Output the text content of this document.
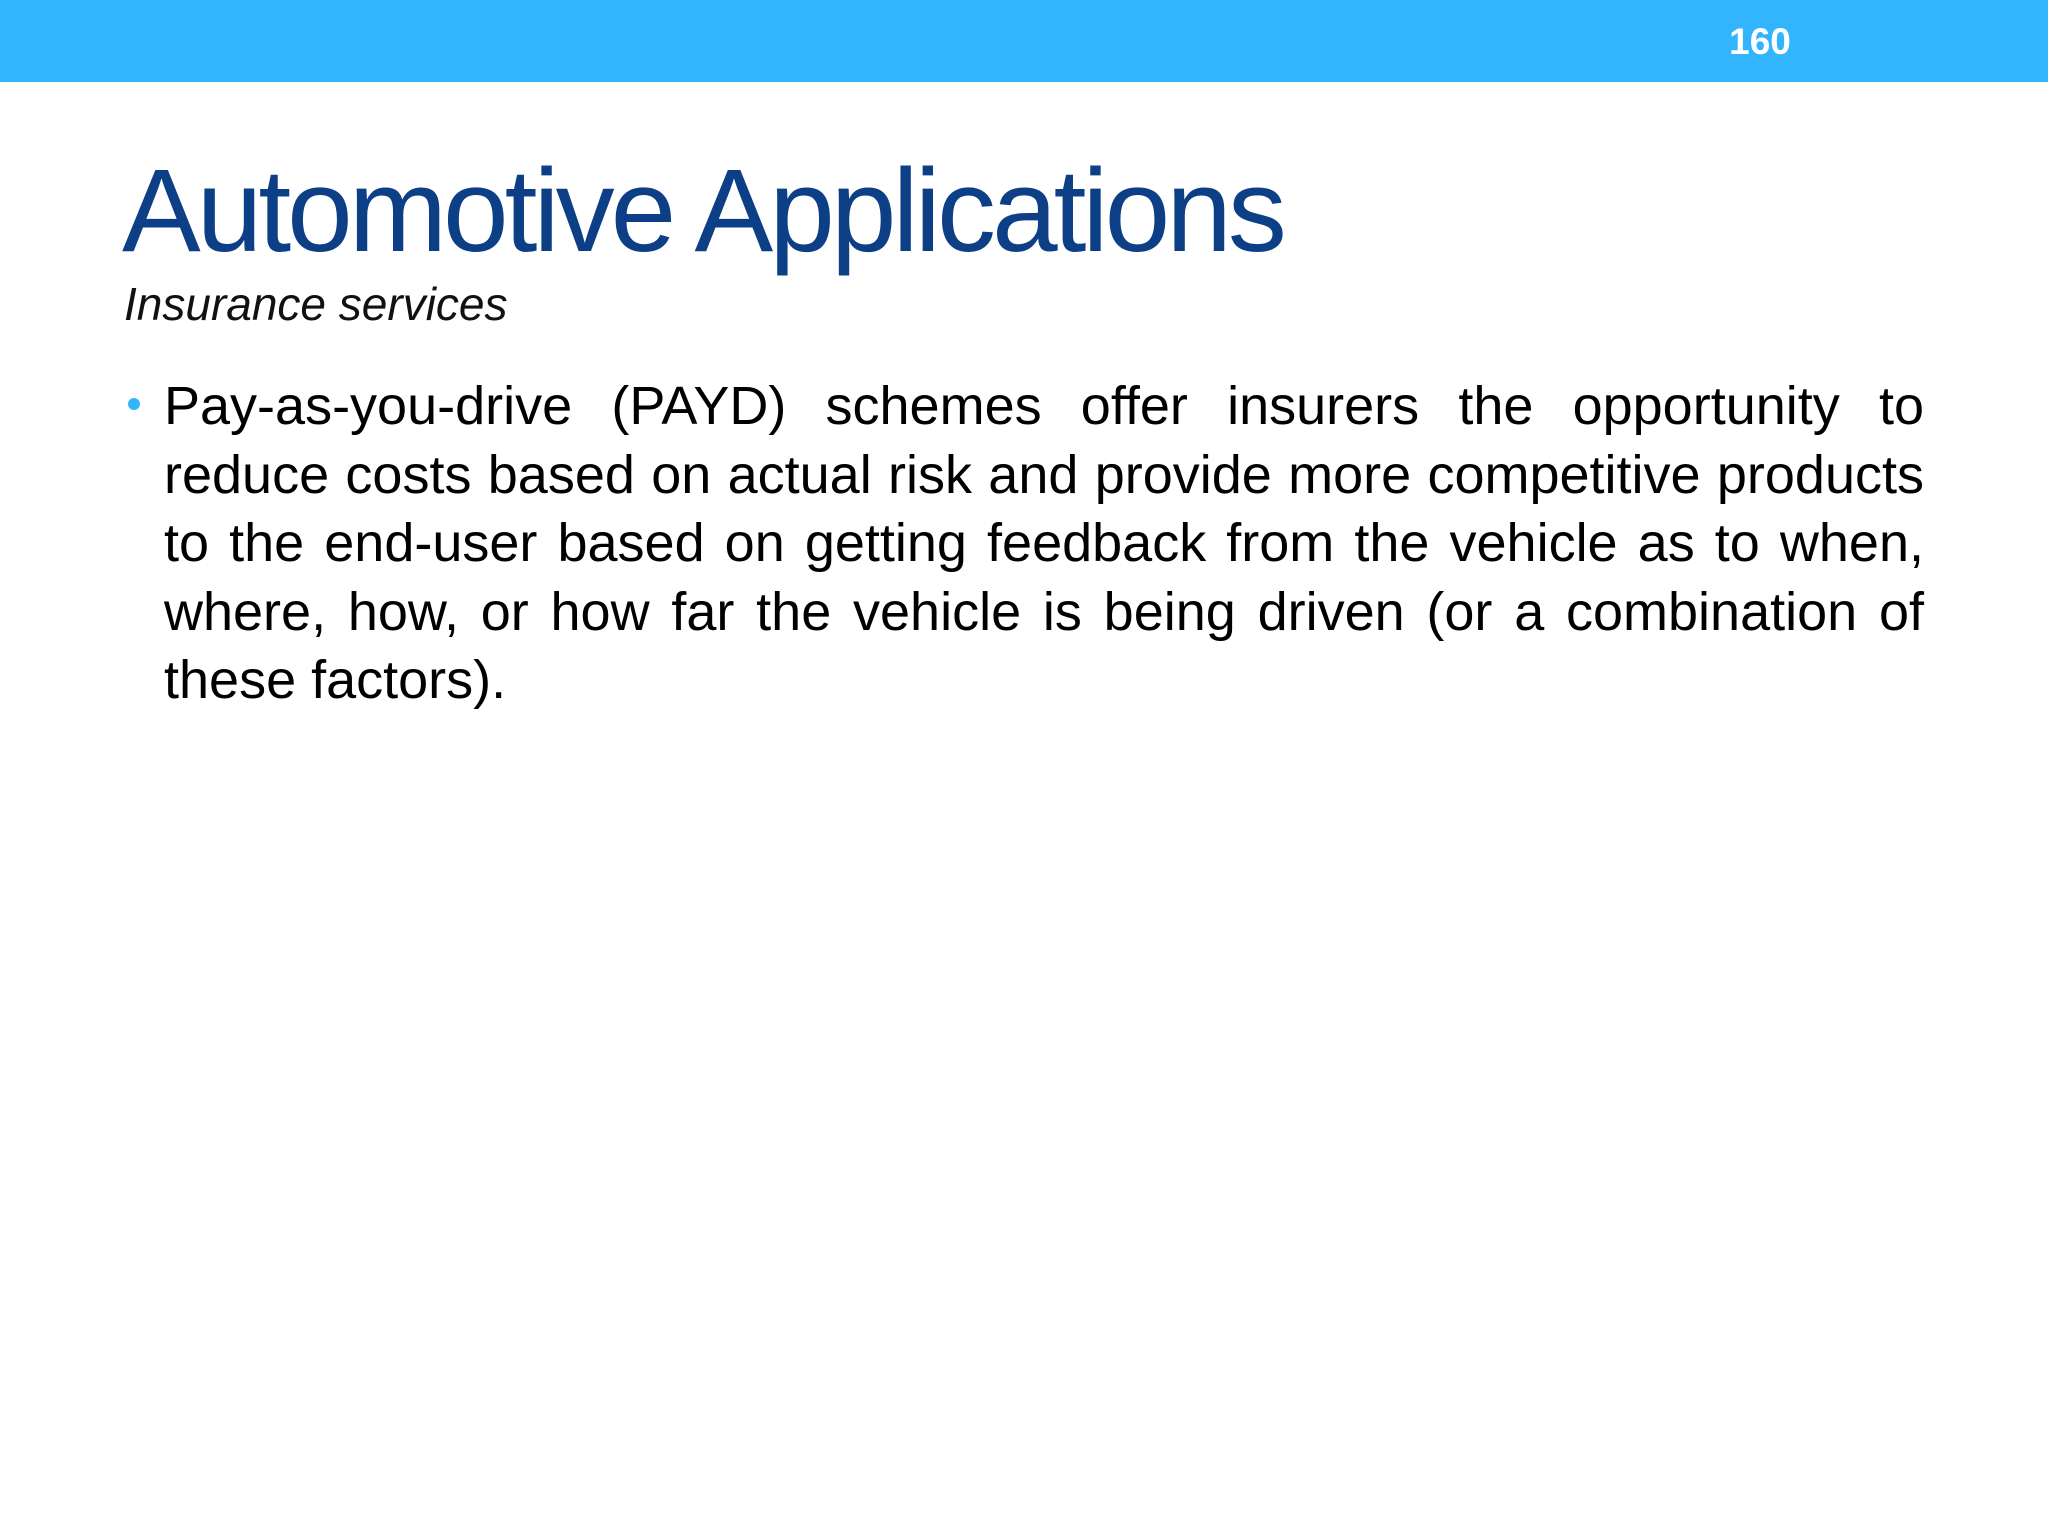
160
Automotive Applications

Insurance services

Pay-as-you-drive (PAYD) schemes offer insurers the opportunity to reduce costs based on actual risk and provide more competitive products to the end-user based on getting feedback from the vehicle as to when, where, how, or how far the vehicle is being driven (or a combination of these factors).
